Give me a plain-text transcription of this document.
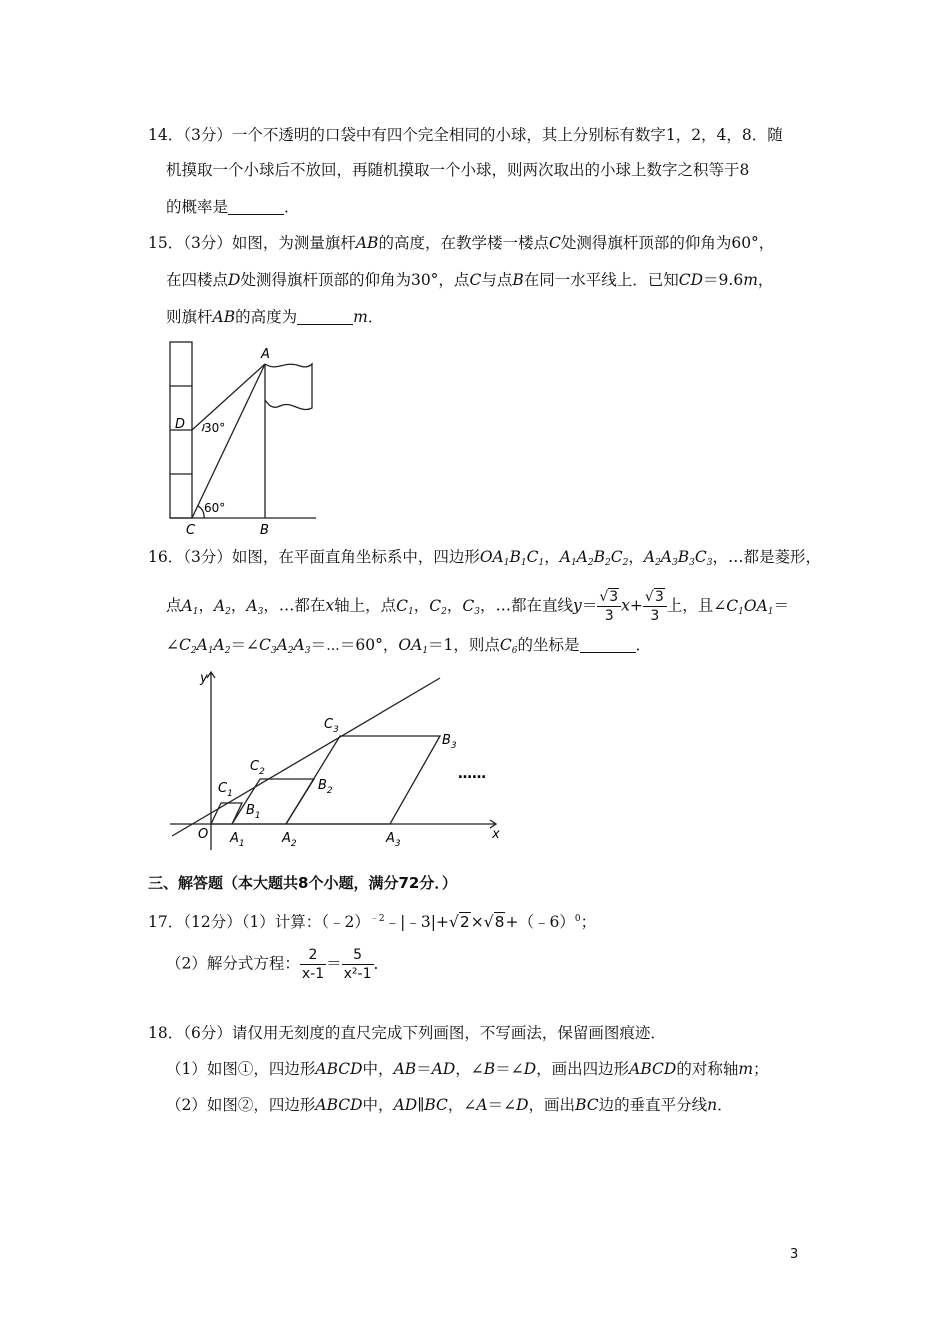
14．（3分）一个不透明的口袋中有四个完全相同的小球，其上分别标有数字1，2，4，8．随
机摸取一个小球后不放回，再随机摸取一个小球，则两次取出的小球上数字之积等于8
的概率是	．
15．（3分）如图，为测量旗杆AB的高度，在教学楼一楼点C处测得旗杆顶部的仰角为60°，
在四楼点D处测得旗杆顶部的仰角为30°，点C与点B在同一水平线上．已知CD＝9.6m，
则旗杆AB的高度为	m．
A
B
C
D 30°
60°
16．（3分）如图，在平面直角坐标系中，四边形$OA_1B_1C_1$，$A_1A_2B_2C_2$，$A_2A_3B_3C_3$，…都是菱形，
点$A_1$，$A_2$，$A_3$，…都在x轴上，点$C_1$，$C_2$，$C_3$，…都在直线$y= \frac{√3}{3} x+ \frac{√3}{3}$ 上，且$\angle C_1OA_1=$
$\angle C_2A_1A_2=\angle C_3A_2A_3=\cdots=60^\circ$，$OA_1=1$，则点$C_6$的坐标是	．
y
x
O
……
$A_1$	$A_2$	$A_3$
$B_1$
$B_2$
$B_3$
$C_1$
$C_2$
$C_3$
三、解答题（本大题共8个小题，满分72分．）
17．（12分）（1）计算：（﹣2）$^{﹣2}$﹣|﹣3|+√2×√8+（﹣6）$^0$；
（2）解分式方程： $\frac{2}{x-1} = \frac{5}{\text{x²-1}}$ ．
18．（6分）请仅用无刻度的直尺完成下列画图，不写画法，保留画图痕迹．
（1）如图①，四边形ABCD中，AB＝AD，∠B＝∠D，画出四边形ABCD的对称轴m；
（2）如图②，四边形ABCD中，AD∥BC，∠A＝∠D，画出BC边的垂直平分线n．
3
